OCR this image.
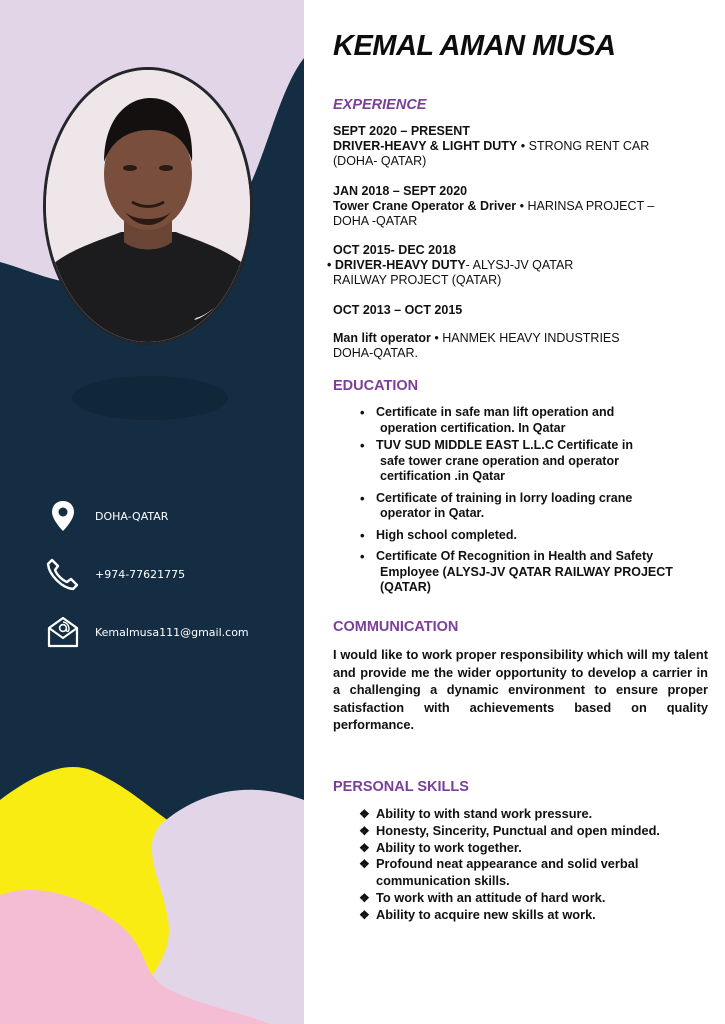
DOHA-QATAR
+974-77621775
Kemalmusa111@gmail.com
KEMAL AMAN MUSA
EXPERIENCE
SEPT 2020 – PRESENT
DRIVER-HEAVY & LIGHT DUTY • STRONG RENT CAR
(DOHA- QATAR)
JAN 2018 – SEPT 2020
Tower Crane Operator & Driver • HARINSA PROJECT –
DOHA -QATAR
OCT 2015- DEC 2018
• DRIVER-HEAVY DUTY- ALYSJ-JV QATAR
RAILWAY PROJECT (QATAR)
OCT 2013 – OCT 2015
Man lift operator • HANMEK HEAVY INDUSTRIES
DOHA-QATAR.
EDUCATION
• Certificate in safe man lift operation and
operation certification. In Qatar
• TUV SUD MIDDLE EAST L.L.C Certificate in
safe tower crane operation and operator certification .in Qatar
• Certificate of training in lorry loading crane
operator in Qatar.
• High school completed.
• Certificate Of Recognition in Health and Safety
Employee (ALYSJ-JV QATAR RAILWAY PROJECT (QATAR)
COMMUNICATION
I would like to work proper responsibility which will my talent and provide me the wider opportunity to develop a carrier in a challenging a dynamic environment to ensure proper satisfaction with achievements based on quality performance.
PERSONAL SKILLS
❖ Ability to with stand work pressure.
❖ Honesty, Sincerity, Punctual and open minded.
❖ Ability to work together.
❖ Profound neat appearance and solid verbal communication skills.
❖ To work with an attitude of hard work.
❖ Ability to acquire new skills at work.
